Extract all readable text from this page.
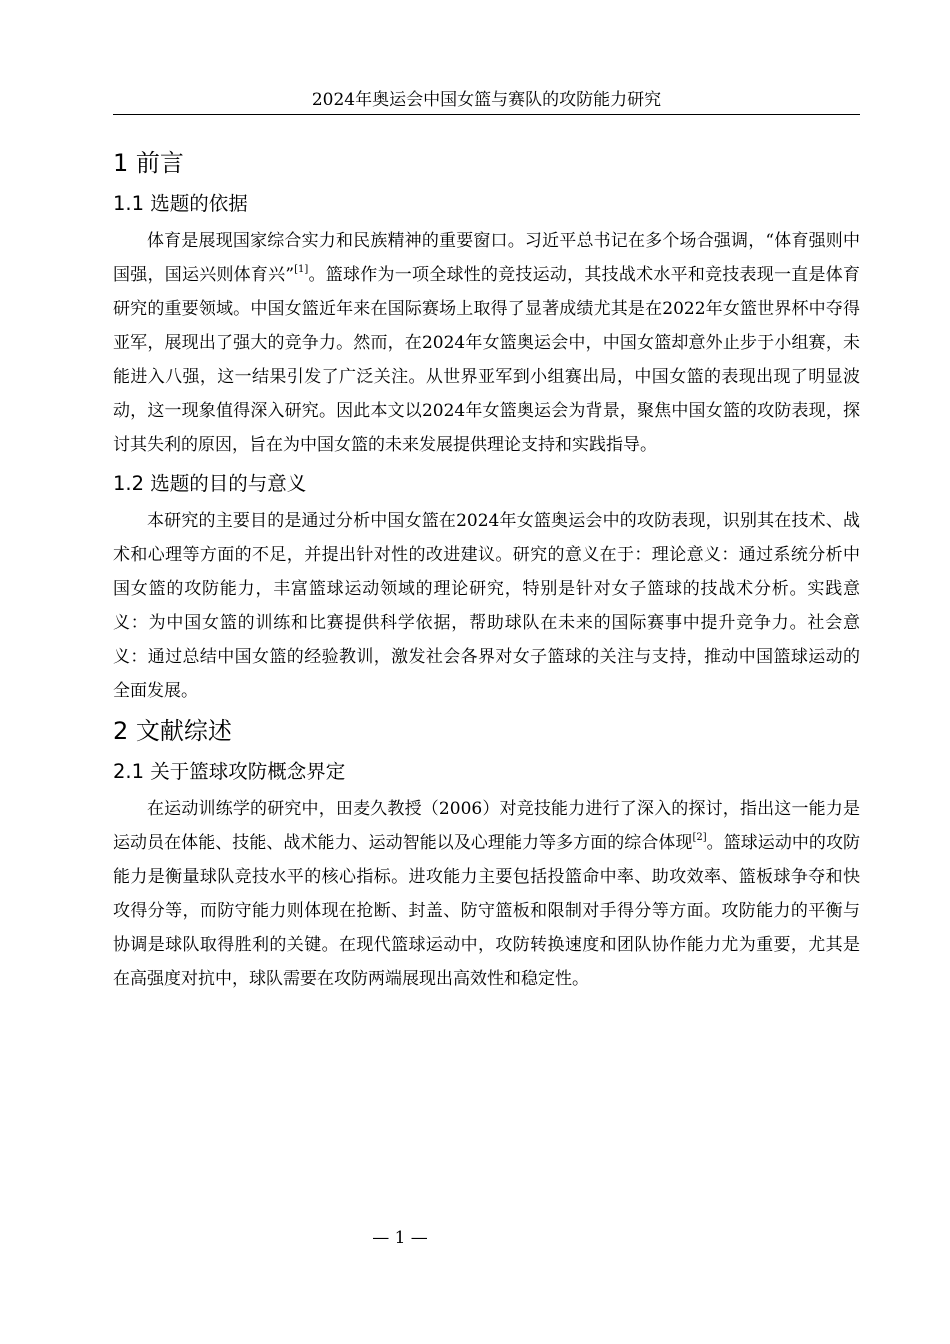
2024年奥运会中国女篮与赛队的攻防能力研究
1 前言
1.1 选题的依据

体育是展现国家综合实力和民族精神的重要窗口。习近平总书记在多个场合强调，“体育强则中国强，国运兴则体育兴”[1]。篮球作为一项全球性的竞技运动，其技战术水平和竞技表现一直是体育研究的重要领域。中国女篮近年来在国际赛场上取得了显著成绩尤其是在2022年女篮世界杯中夺得亚军，展现出了强大的竞争力。然而，在2024年女篮奥运会中，中国女篮却意外止步于小组赛，未能进入八强，这一结果引发了广泛关注。从世界亚军到小组赛出局，中国女篮的表现出现了明显波动，这一现象值得深入研究。因此本文以2024年女篮奥运会为背景，聚焦中国女篮的攻防表现，探讨其失利的原因，旨在为中国女篮的未来发展提供理论支持和实践指导。

1.2 选题的目的与意义

本研究的主要目的是通过分析中国女篮在2024年女篮奥运会中的攻防表现，识别其在技术、战术和心理等方面的不足，并提出针对性的改进建议。研究的意义在于：理论意义：通过系统分析中国女篮的攻防能力，丰富篮球运动领域的理论研究，特别是针对女子篮球的技战术分析。实践意义：为中国女篮的训练和比赛提供科学依据，帮助球队在未来的国际赛事中提升竞争力。社会意义：通过总结中国女篮的经验教训，激发社会各界对女子篮球的关注与支持，推动中国篮球运动的全面发展。

2 文献综述
2.1 关于篮球攻防概念界定

在运动训练学的研究中，田麦久教授（2006）对竞技能力进行了深入的探讨，指出这一能力是运动员在体能、技能、战术能力、运动智能以及心理能力等多方面的综合体现[2]。篮球运动中的攻防能力是衡量球队竞技水平的核心指标。进攻能力主要包括投篮命中率、助攻效率、篮板球争夺和快攻得分等，而防守能力则体现在抢断、封盖、防守篮板和限制对手得分等方面。攻防能力的平衡与协调是球队取得胜利的关键。在现代篮球运动中，攻防转换速度和团队协作能力尤为重要，尤其是在高强度对抗中，球队需要在攻防两端展现出高效性和稳定性。

— 1 —
